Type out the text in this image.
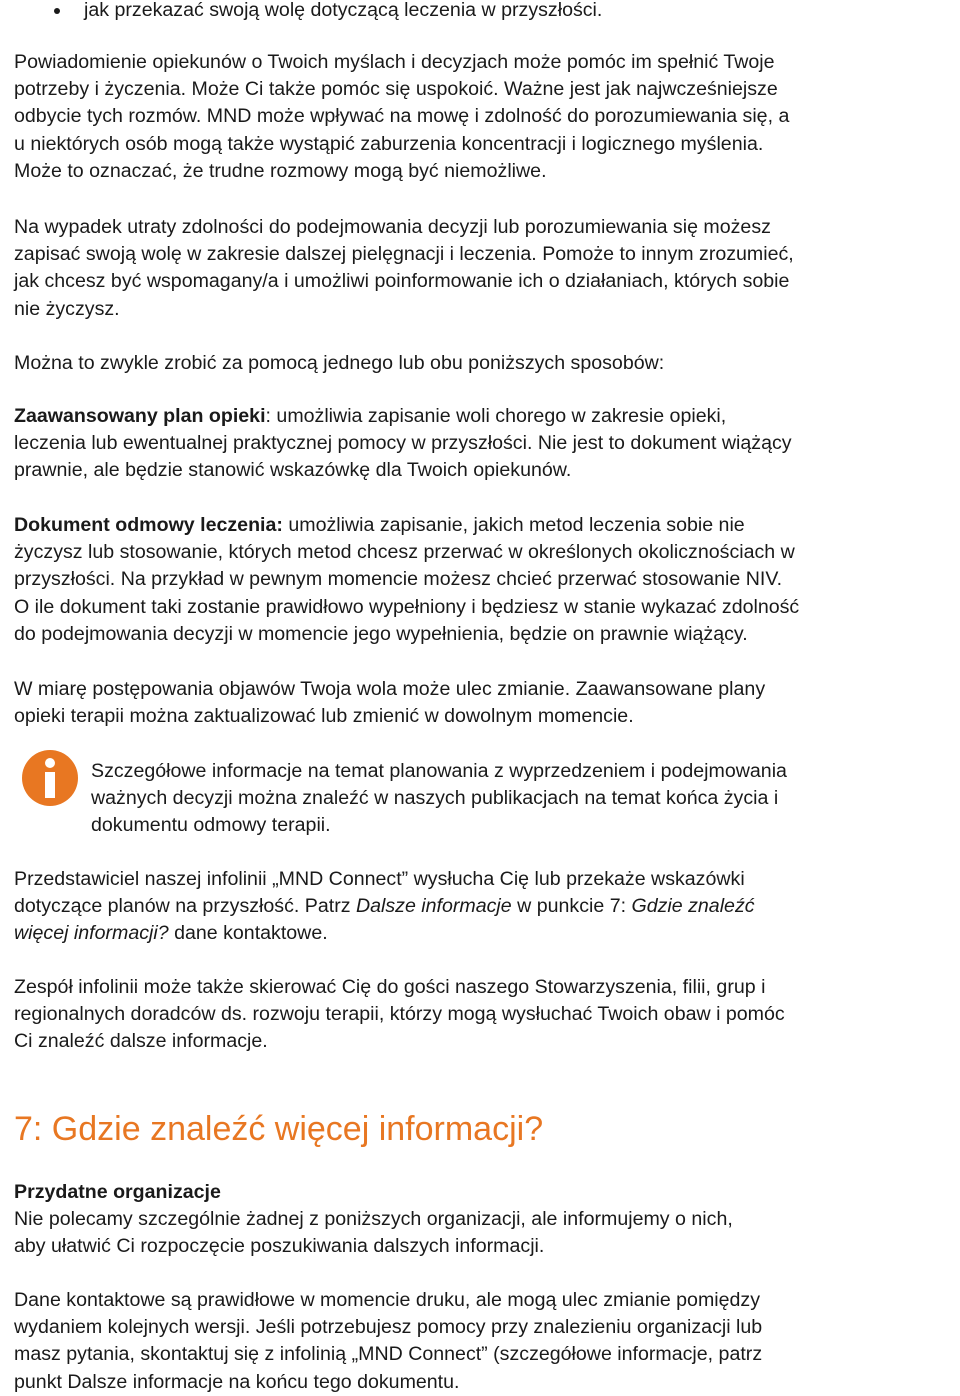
jak przekazać swoją wolę dotyczącą leczenia w przyszłości.

Powiadomienie opiekunów o Twoich myślach i decyzjach może pomóc im spełnić Twoje

potrzeby i życzenia. Może Ci także pomóc się uspokoić. Ważne jest jak najwcześniejsze

odbycie tych rozmów. MND może wpływać na mowę i zdolność do porozumiewania się, a

u niektórych osób mogą także wystąpić zaburzenia koncentracji i logicznego myślenia.

Może to oznaczać, że trudne rozmowy mogą być niemożliwe.

Na wypadek utraty zdolności do podejmowania decyzji lub porozumiewania się możesz

zapisać swoją wolę w zakresie dalszej pielęgnacji i leczenia. Pomoże to innym zrozumieć,

jak chcesz być wspomagany/a i umożliwi poinformowanie ich o działaniach, których sobie

nie życzysz.

Można to zwykle zrobić za pomocą jednego lub obu poniższych sposobów:

Zaawansowany plan opieki: umożliwia zapisanie woli chorego w zakresie opieki,

leczenia lub ewentualnej praktycznej pomocy w przyszłości. Nie jest to dokument wiążący

prawnie, ale będzie stanowić wskazówkę dla Twoich opiekunów.

Dokument odmowy leczenia: umożliwia zapisanie, jakich metod leczenia sobie nie

życzysz lub stosowanie, których metod chcesz przerwać w określonych okolicznościach w

przyszłości. Na przykład w pewnym momencie możesz chcieć przerwać stosowanie NIV.

O ile dokument taki zostanie prawidłowo wypełniony i będziesz w stanie wykazać zdolność

do podejmowania decyzji w momencie jego wypełnienia, będzie on prawnie wiążący.

W miarę postępowania objawów Twoja wola może ulec zmianie. Zaawansowane plany

opieki terapii można zaktualizować lub zmienić w dowolnym momencie.

Szczegółowe informacje na temat planowania z wyprzedzeniem i podejmowania

ważnych decyzji można znaleźć w naszych publikacjach na temat końca życia i

dokumentu odmowy terapii.

Przedstawiciel naszej infolinii „MND Connect” wysłucha Cię lub przekaże wskazówki

dotyczące planów na przyszłość. Patrz Dalsze informacje w punkcie 7: Gdzie znaleźć

więcej informacji? dane kontaktowe.

Zespół infolinii może także skierować Cię do gości naszego Stowarzyszenia, filii, grup i

regionalnych doradców ds. rozwoju terapii, którzy mogą wysłuchać Twoich obaw i pomóc

Ci znaleźć dalsze informacje.

7: Gdzie znaleźć więcej informacji?

Przydatne organizacje

Nie polecamy szczególnie żadnej z poniższych organizacji, ale informujemy o nich,

aby ułatwić Ci rozpoczęcie poszukiwania dalszych informacji.

Dane kontaktowe są prawidłowe w momencie druku, ale mogą ulec zmianie pomiędzy

wydaniem kolejnych wersji. Jeśli potrzebujesz pomocy przy znalezieniu organizacji lub

masz pytania, skontaktuj się z infolinią „MND Connect” (szczegółowe informacje, patrz

punkt Dalsze informacje na końcu tego dokumentu.
